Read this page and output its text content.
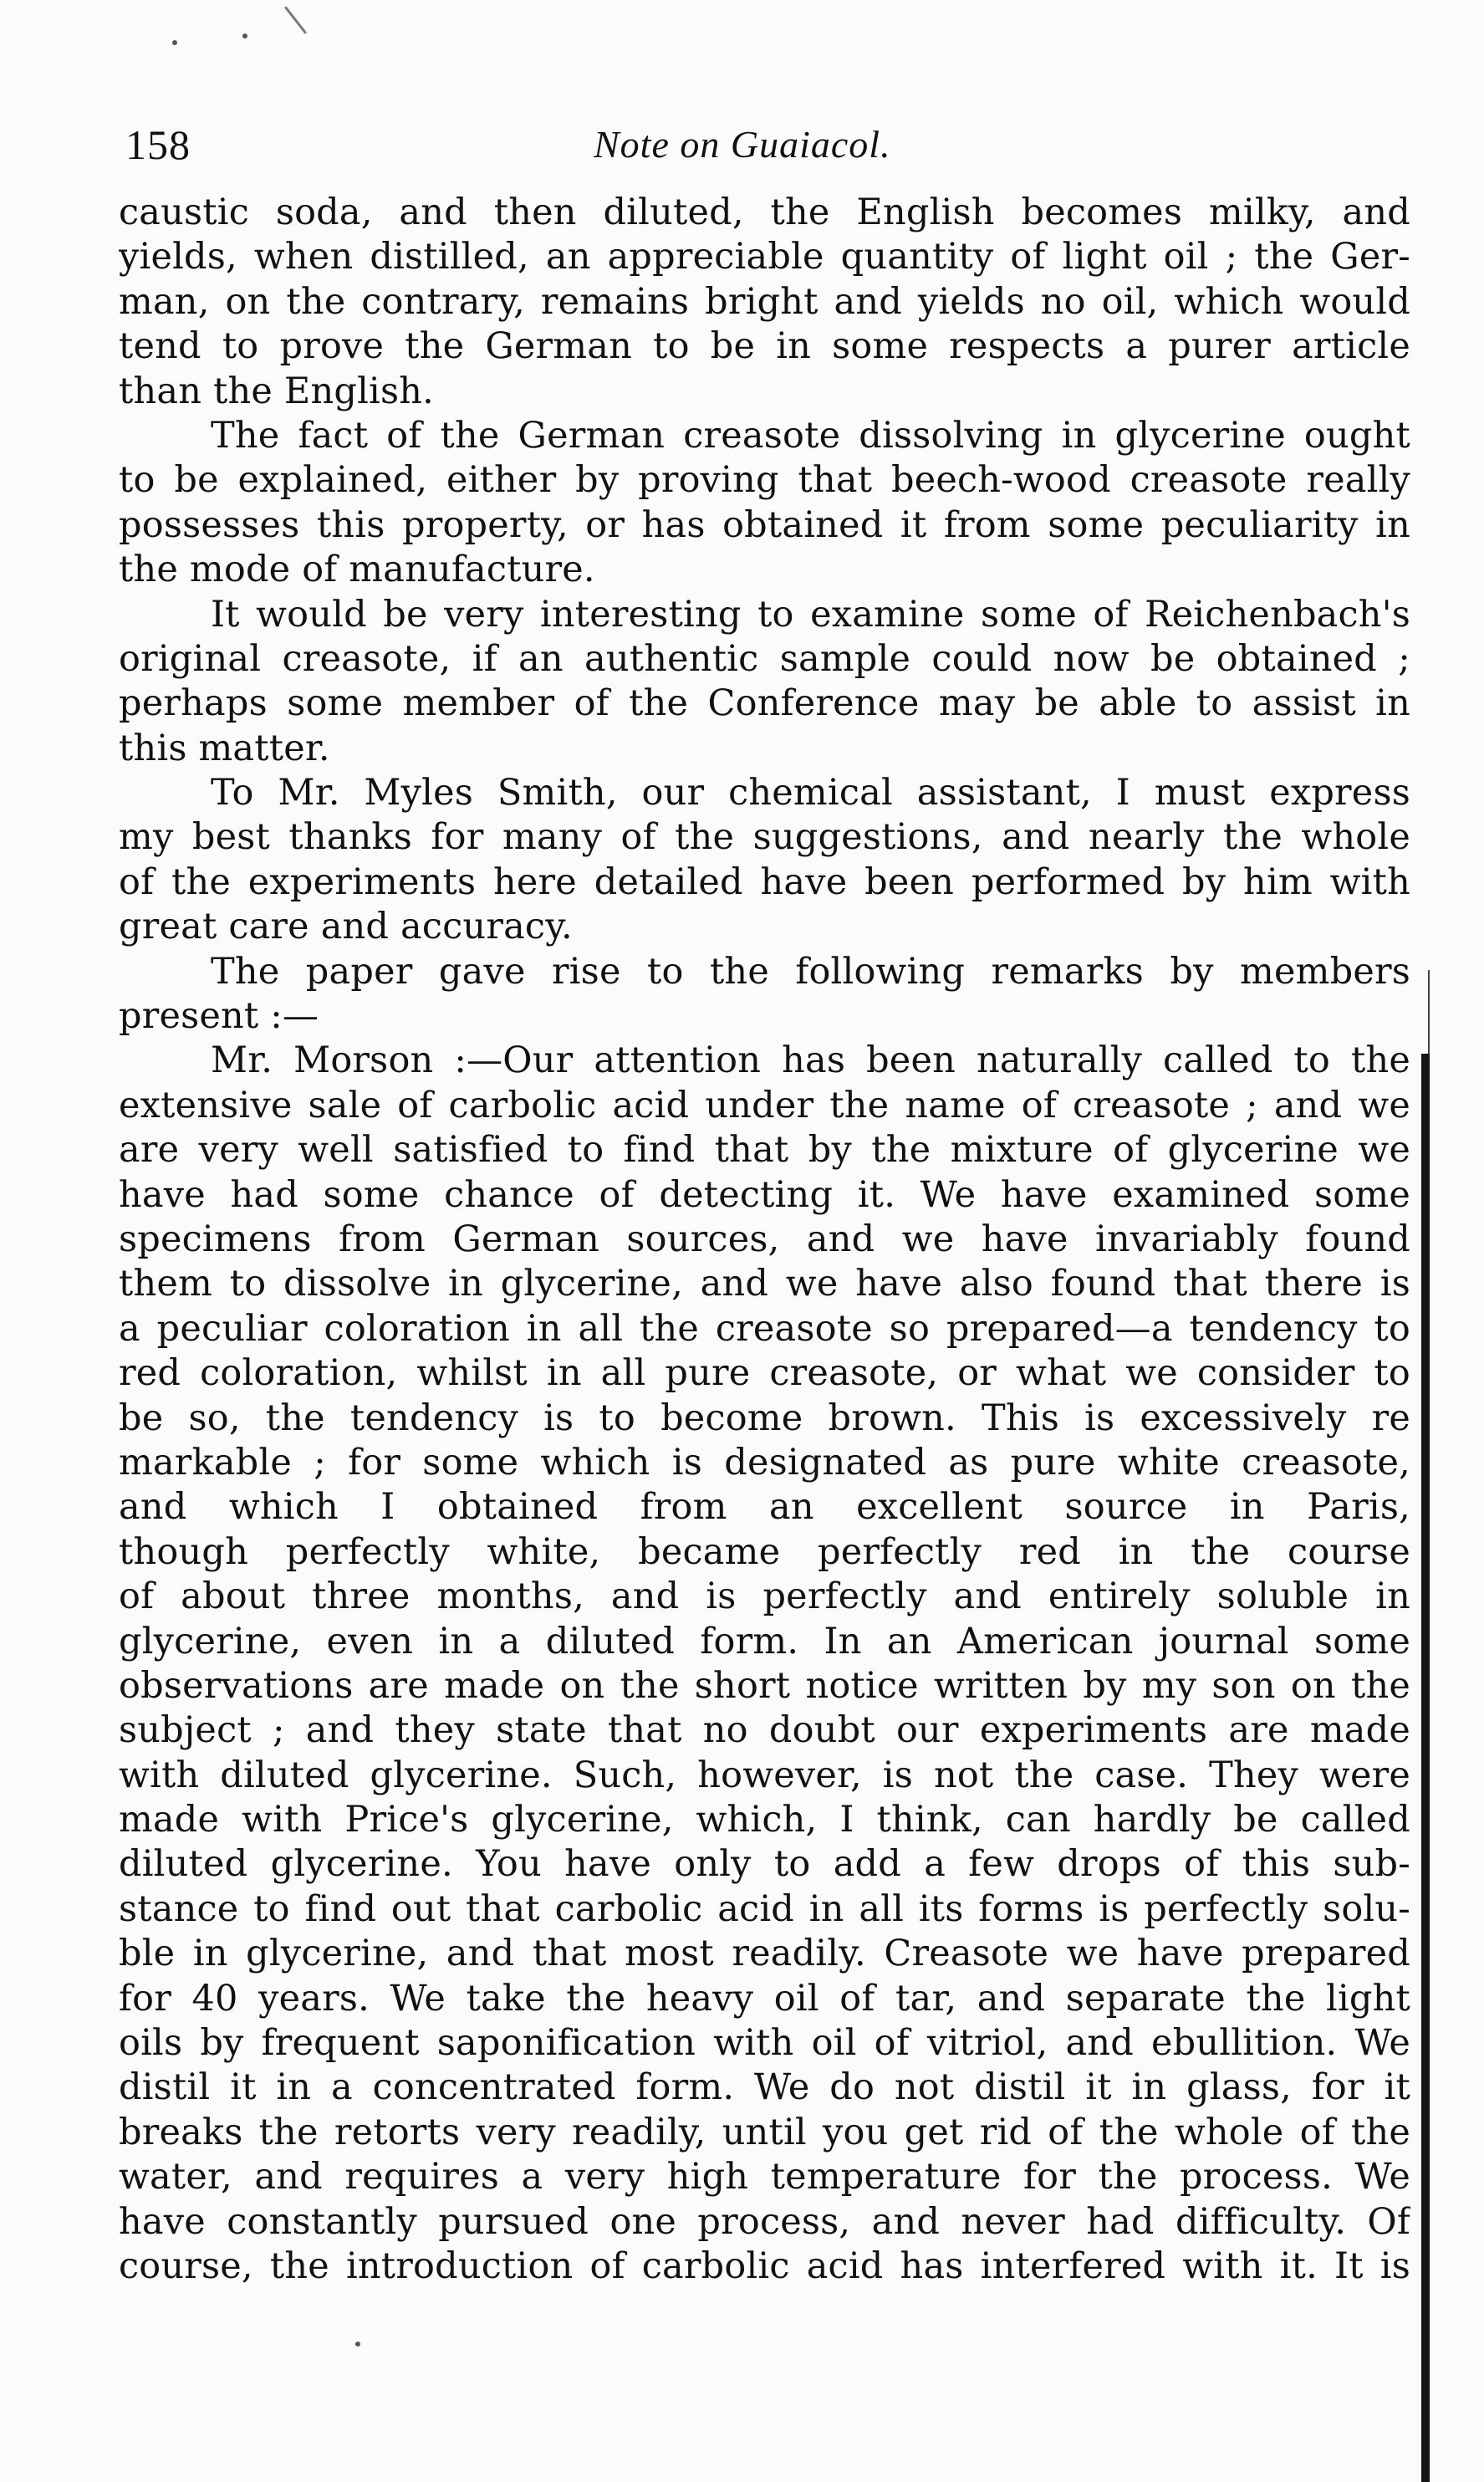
158	Note on Guaiacol.
caustic soda, and then diluted, the English becomes milky, and
yields, when distilled, an appreciable quantity of light oil ; the Ger-
man, on the contrary, remains bright and yields no oil, which would
tend to prove the German to be in some respects a purer article
than the English.
The fact of the German creasote dissolving in glycerine ought
to be explained, either by proving that beech-wood creasote really
possesses this property, or has obtained it from some peculiarity in
the mode of manufacture.
It would be very interesting to examine some of Reichenbach's
original creasote, if an authentic sample could now be obtained ;
perhaps some member of the Conference may be able to assist in
this matter.
To Mr. Myles Smith, our chemical assistant, I must express
my best thanks for many of the suggestions, and nearly the whole
of the experiments here detailed have been performed by him with
great care and accuracy.
The paper gave rise to the following remarks by members
present :—
Mr. Morson :—Our attention has been naturally called to the
extensive sale of carbolic acid under the name of creasote ; and we
are very well satisfied to find that by the mixture of glycerine we
have had some chance of detecting it. We have examined some
specimens from German sources, and we have invariably found
them to dissolve in glycerine, and we have also found that there is
a peculiar coloration in all the creasote so prepared—a tendency to
red coloration, whilst in all pure creasote, or what we consider to
be so, the tendency is to become brown. This is excessively re
markable ; for some which is designated as pure white creasote,
and which I obtained from an excellent source in Paris,
though perfectly white, became perfectly red in the course
of about three months, and is perfectly and entirely soluble in
glycerine, even in a diluted form. In an American journal some
observations are made on the short notice written by my son on the
subject ; and they state that no doubt our experiments are made
with diluted glycerine. Such, however, is not the case. They were
made with Price's glycerine, which, I think, can hardly be called
diluted glycerine. You have only to add a few drops of this sub-
stance to find out that carbolic acid in all its forms is perfectly solu-
ble in glycerine, and that most readily. Creasote we have prepared
for 40 years. We take the heavy oil of tar, and separate the light
oils by frequent saponification with oil of vitriol, and ebullition. We
distil it in a concentrated form. We do not distil it in glass, for it
breaks the retorts very readily, until you get rid of the whole of the
water, and requires a very high temperature for the process. We
have constantly pursued one process, and never had difficulty. Of
course, the introduction of carbolic acid has interfered with it. It is
